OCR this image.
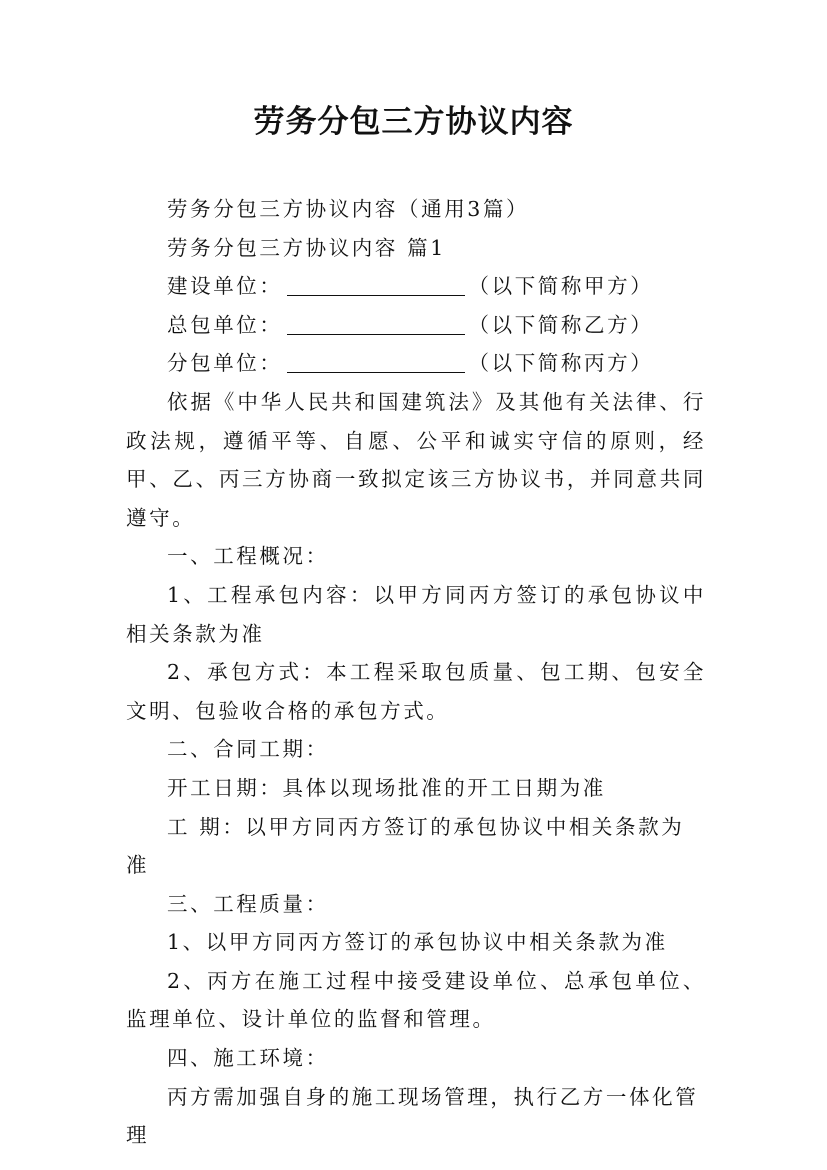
劳务分包三方协议内容

劳务分包三方协议内容（通用3篇）

劳务分包三方协议内容 篇1

建设单位：	（以下简称甲方）

总包单位：	（以下简称乙方）

分包单位：	（以下简称丙方）

依据《中华人民共和国建筑法》及其他有关法律、行政法规，遵循平等、自愿、公平和诚实守信的原则，经甲、乙、丙三方协商一致拟定该三方协议书，并同意共同遵守。

一、工程概况：

1、工程承包内容：以甲方同丙方签订的承包协议中相关条款为准

2、承包方式：本工程采取包质量、包工期、包安全文明、包验收合格的承包方式。

二、合同工期：

开工日期：具体以现场批准的开工日期为准

工 期：以甲方同丙方签订的承包协议中相关条款为准

三、工程质量：

1、以甲方同丙方签订的承包协议中相关条款为准

2、丙方在施工过程中接受建设单位、总承包单位、监理单位、设计单位的监督和管理。

四、施工环境：

丙方需加强自身的施工现场管理，执行乙方一体化管理
